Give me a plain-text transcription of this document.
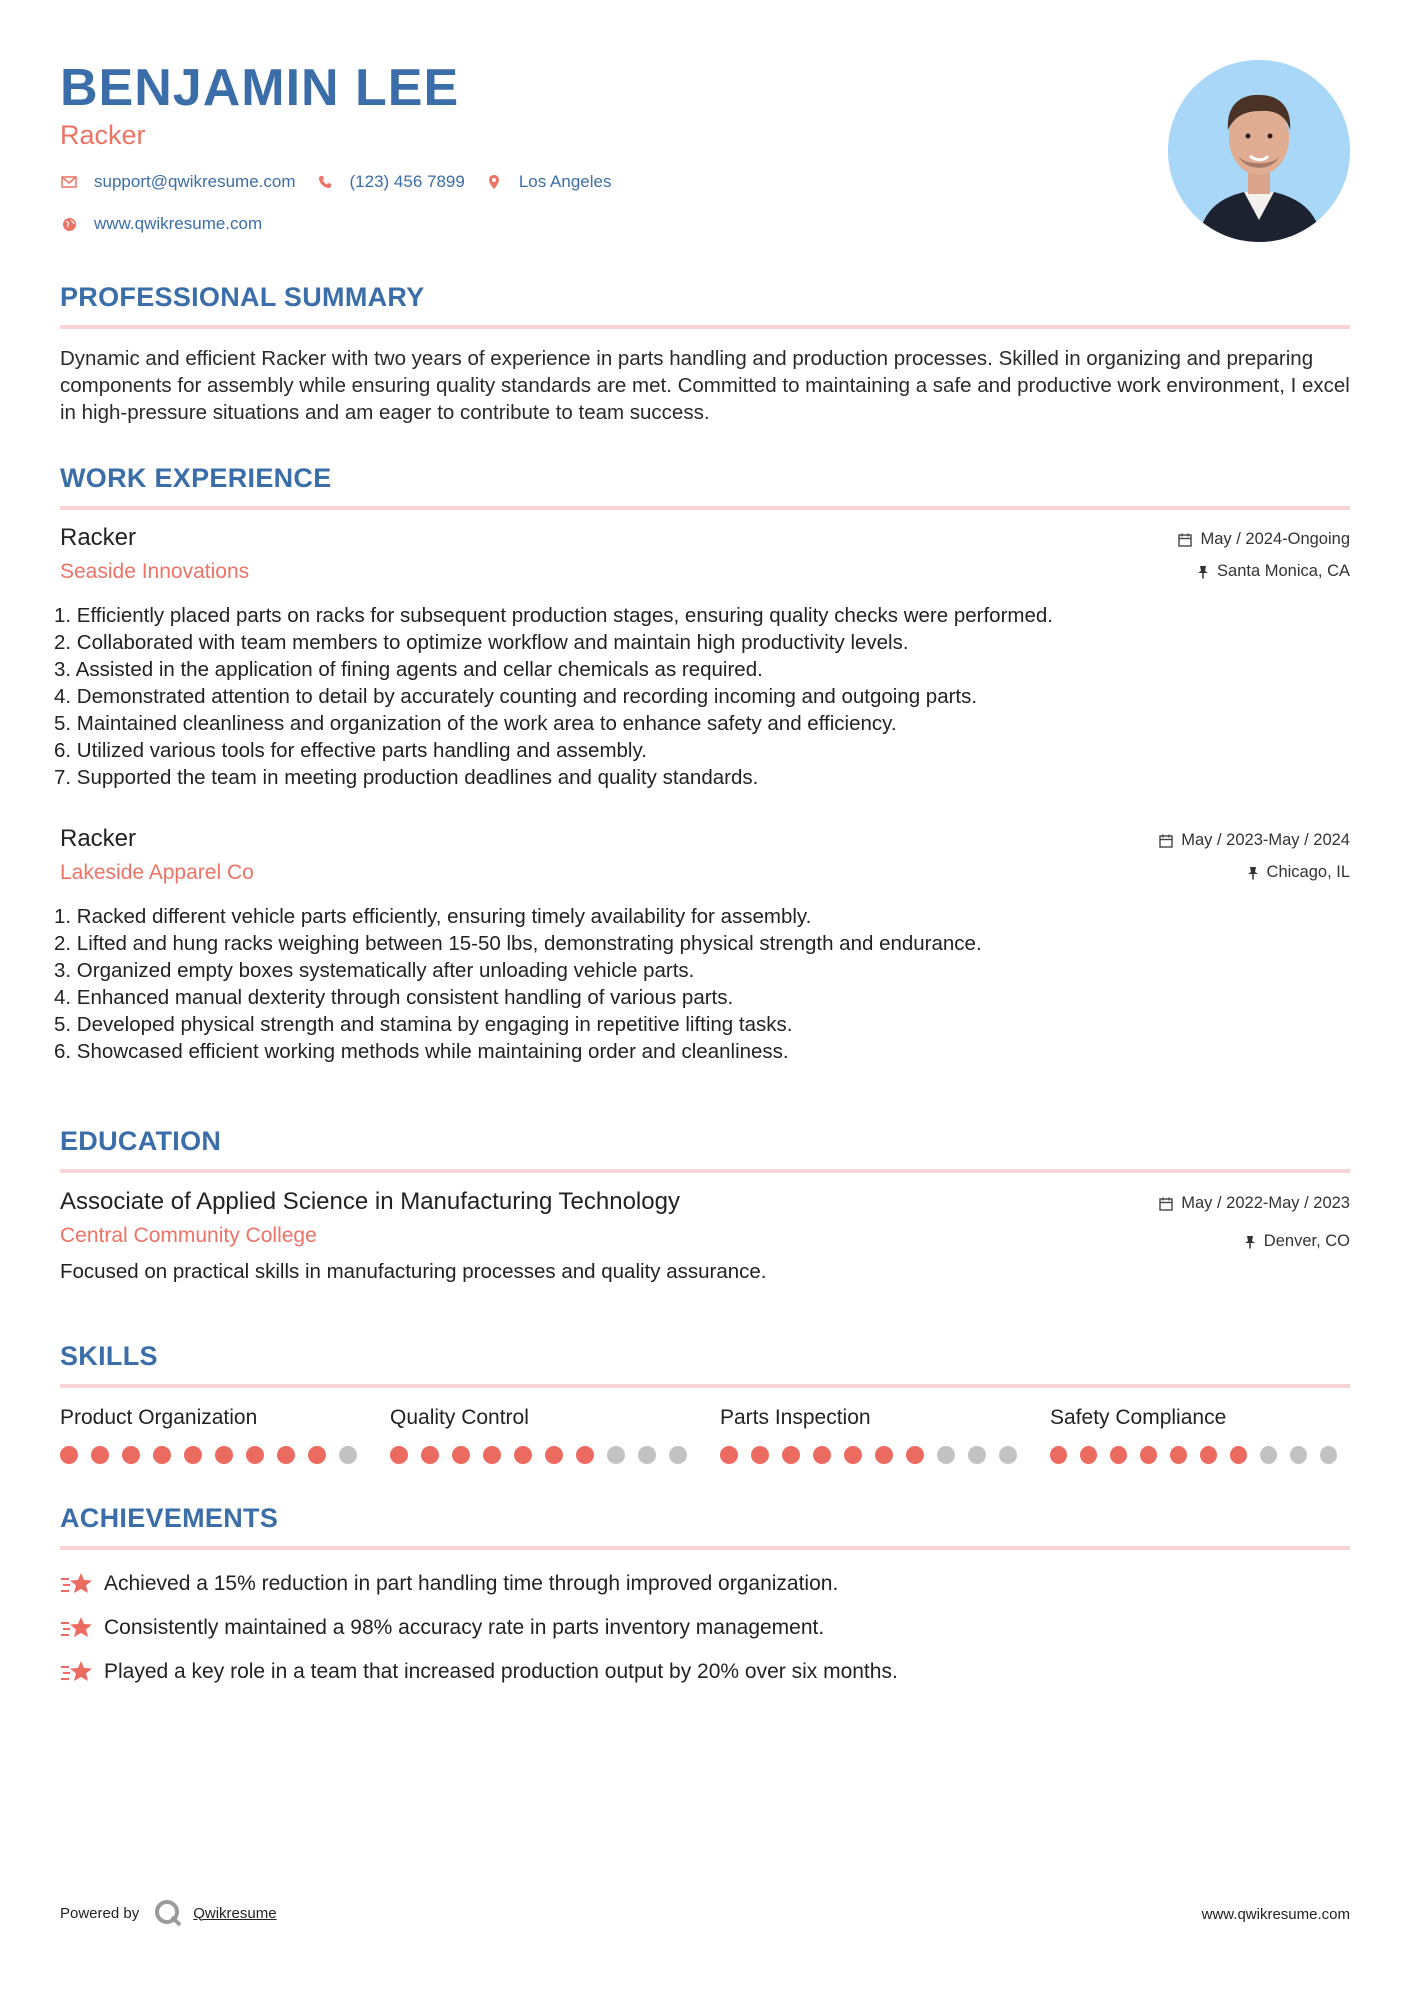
BENJAMIN LEE
Racker
support@qwikresume.com	(123) 456 7899	Los Angeles
www.qwikresume.com
PROFESSIONAL SUMMARY
Dynamic and efficient Racker with two years of experience in parts handling and production processes. Skilled in organizing and preparing components for assembly while ensuring quality standards are met. Committed to maintaining a safe and productive work environment, I excel in high-pressure situations and am eager to contribute to team success.
WORK EXPERIENCE
Racker
Seaside Innovations
May / 2024-Ongoing
Santa Monica, CA
1. Efficiently placed parts on racks for subsequent production stages, ensuring quality checks were performed.
2. Collaborated with team members to optimize workflow and maintain high productivity levels.
3. Assisted in the application of fining agents and cellar chemicals as required.
4. Demonstrated attention to detail by accurately counting and recording incoming and outgoing parts.
5. Maintained cleanliness and organization of the work area to enhance safety and efficiency.
6. Utilized various tools for effective parts handling and assembly.
7. Supported the team in meeting production deadlines and quality standards.
Racker
Lakeside Apparel Co
May / 2023-May / 2024
Chicago, IL
1. Racked different vehicle parts efficiently, ensuring timely availability for assembly.
2. Lifted and hung racks weighing between 15-50 lbs, demonstrating physical strength and endurance.
3. Organized empty boxes systematically after unloading vehicle parts.
4. Enhanced manual dexterity through consistent handling of various parts.
5. Developed physical strength and stamina by engaging in repetitive lifting tasks.
6. Showcased efficient working methods while maintaining order and cleanliness.
EDUCATION
Associate of Applied Science in Manufacturing Technology
Central Community College
May / 2022-May / 2023
Denver, CO
Focused on practical skills in manufacturing processes and quality assurance.
SKILLS
Product Organization	Quality Control	Parts Inspection	Safety Compliance
ACHIEVEMENTS
Achieved a 15% reduction in part handling time through improved organization.
Consistently maintained a 98% accuracy rate in parts inventory management.
Played a key role in a team that increased production output by 20% over six months.
Powered by	Qwikresume	www.qwikresume.com
